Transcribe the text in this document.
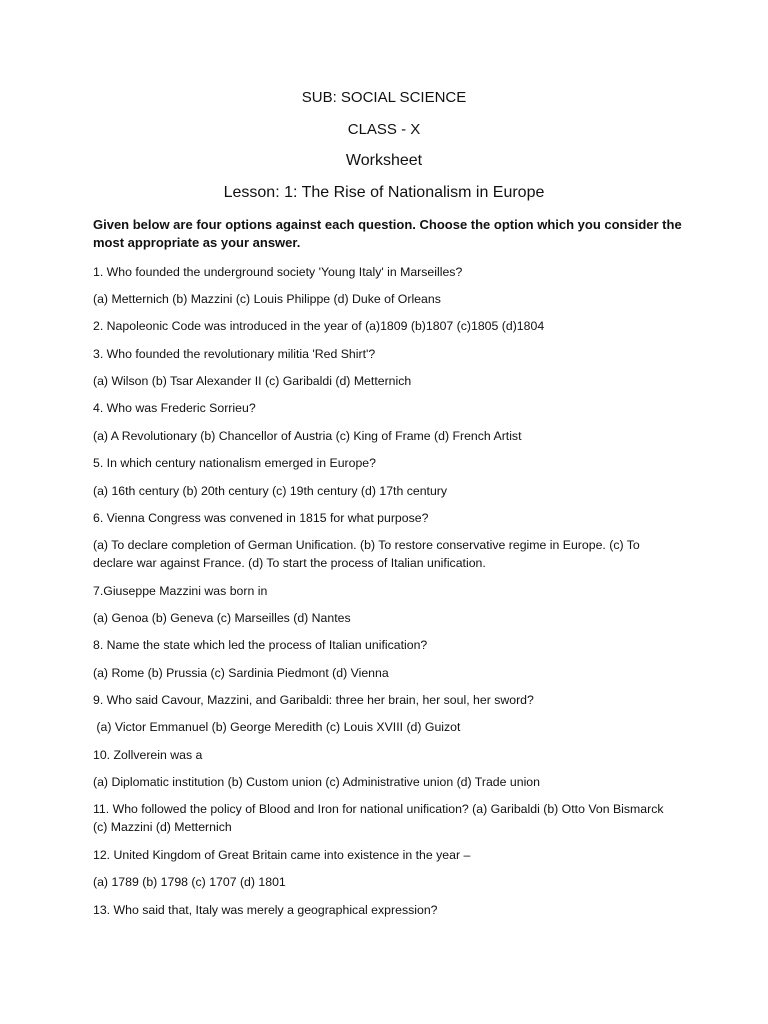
SUB: SOCIAL SCIENCE
CLASS - X
Worksheet
Lesson: 1: The Rise of Nationalism in Europe
Given below are four options against each question. Choose the option which you consider the most appropriate as your answer.
1. Who founded the underground society 'Young Italy' in Marseilles?
(a) Metternich (b) Mazzini (c) Louis Philippe (d) Duke of Orleans
2. Napoleonic Code was introduced in the year of (a)1809 (b)1807 (c)1805 (d)1804
3. Who founded the revolutionary militia 'Red Shirt'?
(a) Wilson (b) Tsar Alexander II (c) Garibaldi (d) Metternich
4. Who was Frederic Sorrieu?
(a) A Revolutionary (b) Chancellor of Austria (c) King of Frame (d) French Artist
5. In which century nationalism emerged in Europe?
(a) 16th century (b) 20th century (c) 19th century (d) 17th century
6. Vienna Congress was convened in 1815 for what purpose?
(a) To declare completion of German Unification. (b) To restore conservative regime in Europe. (c) To declare war against France. (d) To start the process of Italian unification.
7.Giuseppe Mazzini was born in
(a) Genoa (b) Geneva (c) Marseilles (d) Nantes
8. Name the state which led the process of Italian unification?
(a) Rome (b) Prussia (c) Sardinia Piedmont (d) Vienna
9. Who said Cavour, Mazzini, and Garibaldi: three her brain, her soul, her sword?
(a) Victor Emmanuel (b) George Meredith (c) Louis XVIII (d) Guizot
10. Zollverein was a
(a) Diplomatic institution (b) Custom union (c) Administrative union (d) Trade union
11. Who followed the policy of Blood and Iron for national unification? (a) Garibaldi (b) Otto Von Bismarck (c) Mazzini (d) Metternich
12. United Kingdom of Great Britain came into existence in the year –
(a) 1789 (b) 1798 (c) 1707 (d) 1801
13. Who said that, Italy was merely a geographical expression?
